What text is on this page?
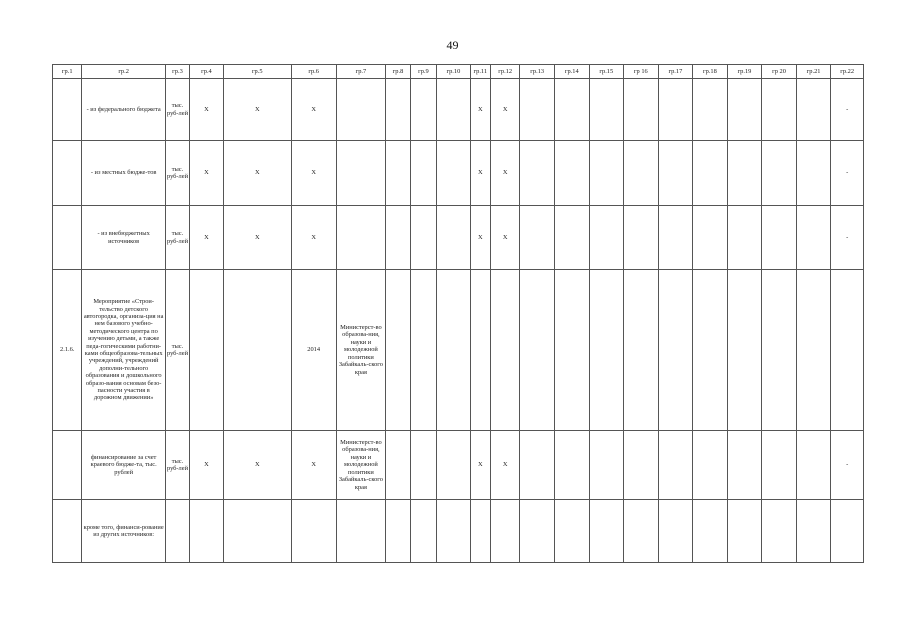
49
гр.1	гр.2	гр.3	гр.4	гр.5	гр.6	гр.7	гр.8	гр.9	гр.10	гр.11	гр.12	гр.13	гр.14	гр.15	гр 16	гр.17	гр.18	гр.19	гр 20	гр.21	гр.22
	- из федерального бюджета	тыс. руб-лей	X	X	X					X	X										-
	- из местных бюдже-тов	тыс. руб-лей	X	X	X					X	X										-
	- из внебюджетных источников	тыс. руб-лей	X	X	X					X	X										-
2.1.6.	Мероприятие «Строи-тельство детского автогородка, организа-ция на нем базового учебно-методического центра по изучению детьми, а также педа-гогическими работни-ками общеобразова-тельных учреждений, учреждений дополни-тельного образования и дошкольного образо-вания основам безо-пасности участия в дорожном движении»	тыс. руб-лей			2014	Министерст-во образова-ния, науки и молодежной политики Забайкаль-ского края															
	финансирование за счет краевого бюдже-та, тыс. рублей	тыс. руб-лей	X	X	X	Министерст-во образова-ния, науки и молодежной политики Забайкаль-ского края				X	X										-
	кроме того, финанси-рование из других источников:																				
